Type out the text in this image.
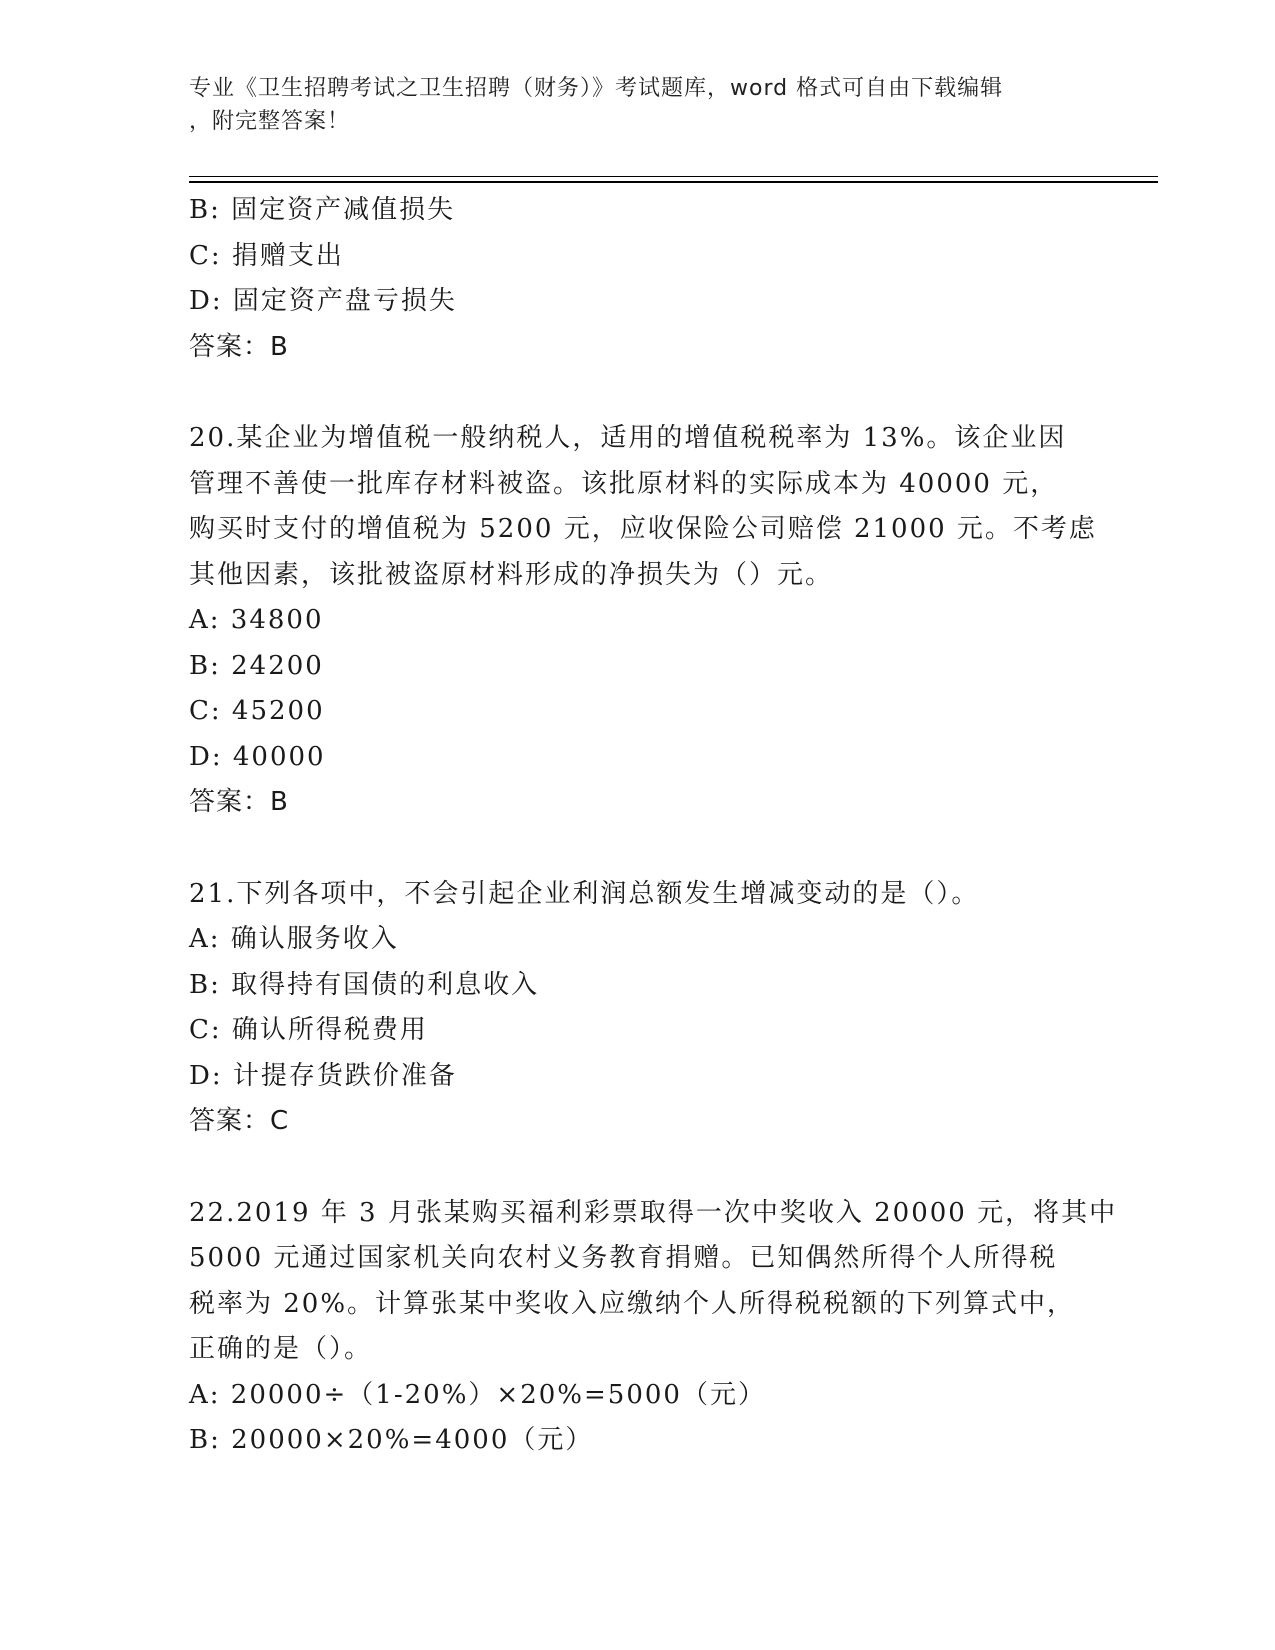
专业《卫生招聘考试之卫生招聘（财务）》考试题库，word 格式可自由下载编辑
，附完整答案！
B: 固定资产减值损失
C: 捐赠支出
D: 固定资产盘亏损失
答案：B
20.某企业为增值税一般纳税人，适用的增值税税率为 13%。该企业因
管理不善使一批库存材料被盗。该批原材料的实际成本为 40000 元，
购买时支付的增值税为 5200 元，应收保险公司赔偿 21000 元。不考虑
其他因素，该批被盗原材料形成的净损失为（）元。
A: 34800
B: 24200
C: 45200
D: 40000
答案：B
21.下列各项中，不会引起企业利润总额发生增减变动的是（）。
A: 确认服务收入
B: 取得持有国债的利息收入
C: 确认所得税费用
D: 计提存货跌价准备
答案：C
22.2019 年 3 月张某购买福利彩票取得一次中奖收入 20000 元，将其中
5000 元通过国家机关向农村义务教育捐赠。已知偶然所得个人所得税
税率为 20%。计算张某中奖收入应缴纳个人所得税税额的下列算式中，
正确的是（）。
A: 20000÷（1-20%）×20%=5000（元）
B: 20000×20%=4000（元）
